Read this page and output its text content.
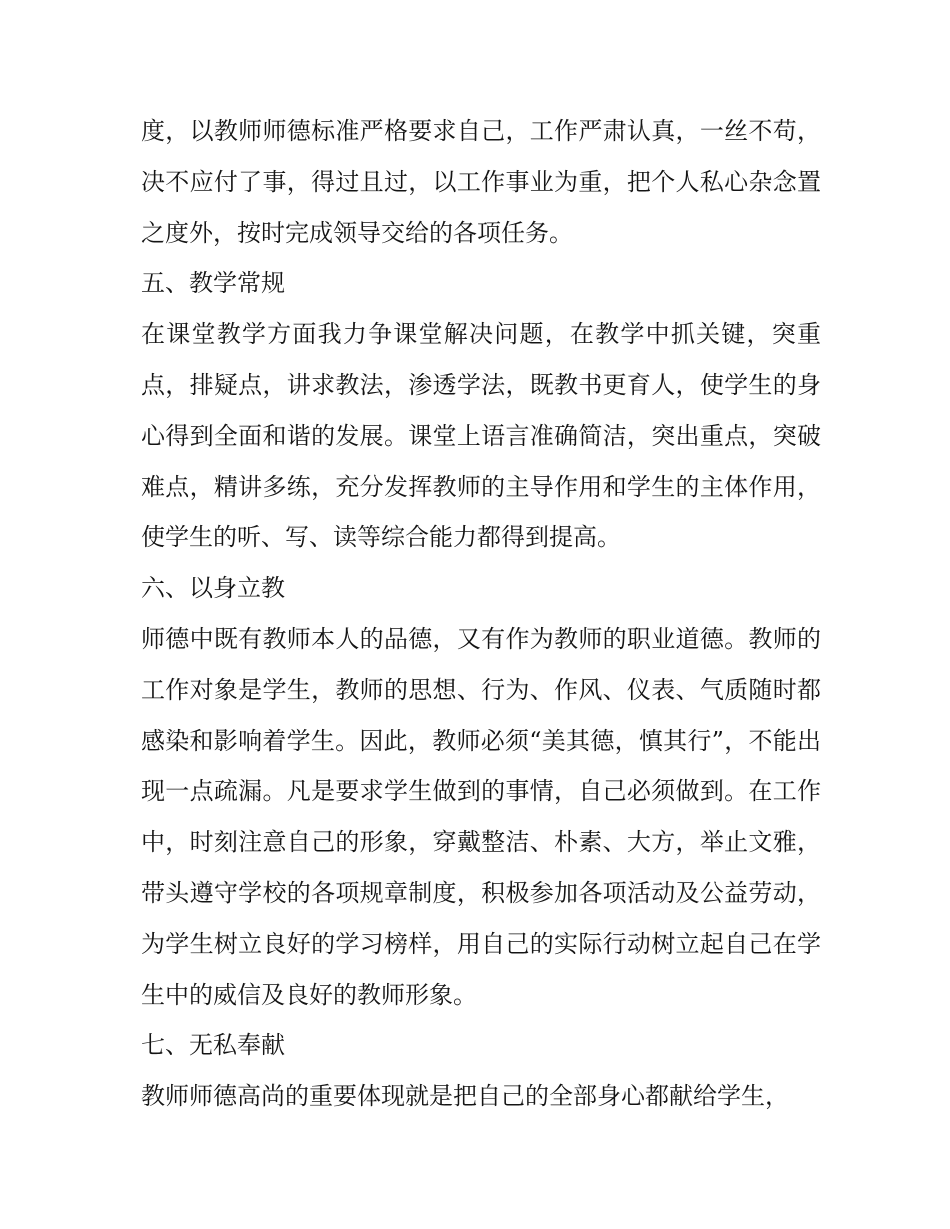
度，以教师师德标准严格要求自己，工作严肃认真，一丝不苟，决不应付了事，得过且过，以工作事业为重，把个人私心杂念置之度外，按时完成领导交给的各项任务。

五、教学常规

在课堂教学方面我力争课堂解决问题，在教学中抓关键，突重点，排疑点，讲求教法，渗透学法，既教书更育人，使学生的身心得到全面和谐的发展。课堂上语言准确简洁，突出重点，突破难点，精讲多练，充分发挥教师的主导作用和学生的主体作用，使学生的听、写、读等综合能力都得到提高。

六、以身立教

师德中既有教师本人的品德，又有作为教师的职业道德。教师的工作对象是学生，教师的思想、行为、作风、仪表、气质随时都感染和影响着学生。因此，教师必须“美其德，慎其行”，不能出现一点疏漏。凡是要求学生做到的事情，自己必须做到。在工作中，时刻注意自己的形象，穿戴整洁、朴素、大方，举止文雅，带头遵守学校的各项规章制度，积极参加各项活动及公益劳动，为学生树立良好的学习榜样，用自己的实际行动树立起自己在学生中的威信及良好的教师形象。

七、无私奉献

教师师德高尚的重要体现就是把自己的全部身心都献给学生，
